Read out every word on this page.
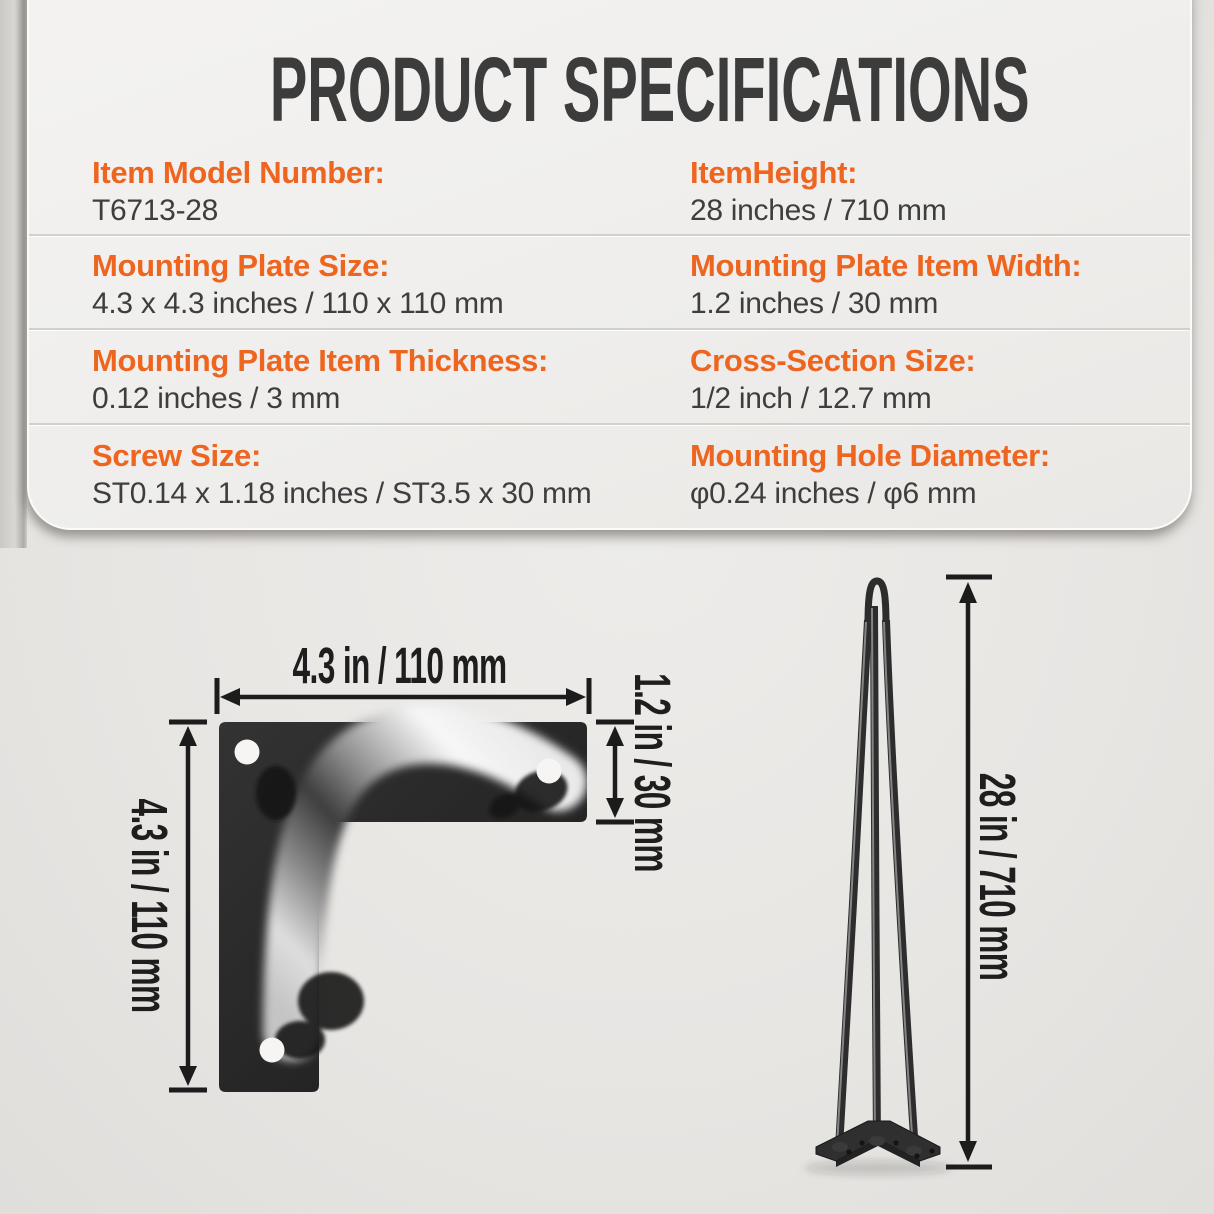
PRODUCT SPECIFICATIONS
Item Model Number:
T6713-28
ItemHeight:
28 inches / 710 mm
Mounting Plate Size:
4.3 x 4.3 inches / 110 x 110 mm
Mounting Plate Item Width:
1.2 inches / 30 mm
Mounting Plate Item Thickness:
0.12 inches / 3 mm
Cross-Section Size:
1/2 inch / 12.7 mm
Screw Size:
ST0.14 x 1.18 inches / ST3.5 x 30 mm
Mounting Hole Diameter:
φ0.24 inches / φ6 mm
4.3 in / 110 mm
1.2 in / 30 mm
4.3 in / 110 mm	28 in / 710 mm
